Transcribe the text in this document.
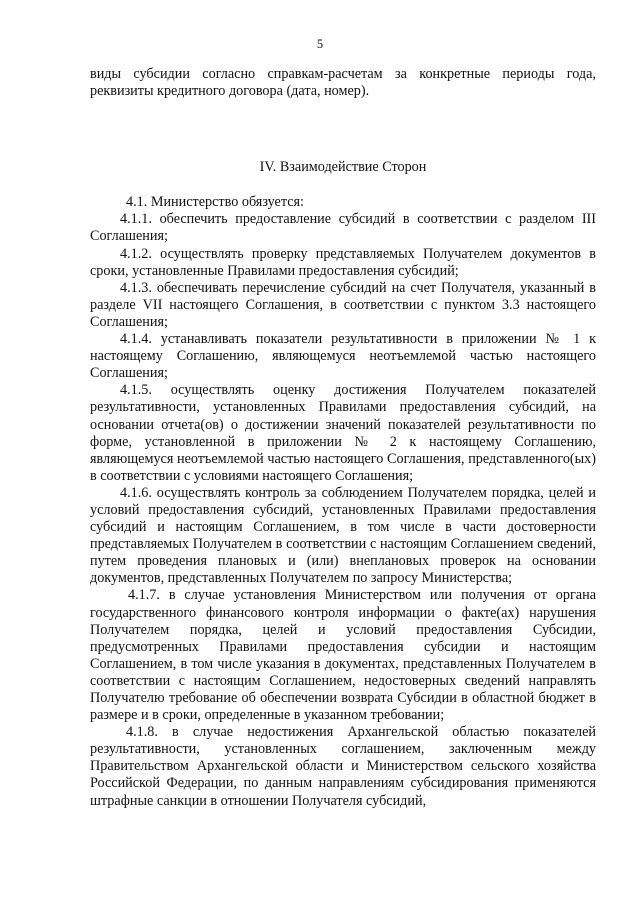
5

виды субсидии согласно справкам-расчетам за конкретные периоды года, реквизиты кредитного договора (дата, номер).

IV. Взаимодействие Сторон

4.1. Министерство обязуется:

4.1.1. обеспечить предоставление субсидий в соответствии с разделом III Соглашения;

4.1.2. осуществлять проверку представляемых Получателем документов в сроки, установленные Правилами предоставления субсидий;

4.1.3. обеспечивать перечисление субсидий на счет Получателя, указанный в разделе VII настоящего Соглашения, в соответствии с пунктом 3.3 настоящего Соглашения;

4.1.4. устанавливать показатели результативности в приложении № 1 к настоящему Соглашению, являющемуся неотъемлемой частью настоящего Соглашения;

4.1.5. осуществлять оценку достижения Получателем показателей результативности, установленных Правилами предоставления субсидий, на основании отчета(ов) о достижении значений показателей результативности по форме, установленной в приложении № 2 к настоящему Соглашению, являющемуся неотъемлемой частью настоящего Соглашения, представленного(ых) в соответствии с условиями настоящего Соглашения;

4.1.6. осуществлять контроль за соблюдением Получателем порядка, целей и условий предоставления субсидий, установленных Правилами предоставления субсидий и настоящим Соглашением, в том числе в части достоверности представляемых Получателем в соответствии с настоящим Соглашением сведений, путем проведения плановых и (или) внеплановых проверок на основании документов, представленных Получателем по запросу Министерства;

4.1.7. в случае установления Министерством или получения от органа государственного финансового контроля информации о факте(ах) нарушения Получателем порядка, целей и условий предоставления Субсидии, предусмотренных Правилами предоставления субсидии и настоящим Соглашением, в том числе указания в документах, представленных Получателем в соответствии с настоящим Соглашением, недостоверных сведений направлять Получателю требование об обеспечении возврата Субсидии в областной бюджет в размере и в сроки, определенные в указанном требовании;

4.1.8. в случае недостижения Архангельской областью показателей результативности, установленных соглашением, заключенным между Правительством Архангельской области и Министерством сельского хозяйства Российской Федерации, по данным направлениям субсидирования применяются штрафные санкции в отношении Получателя субсидий,
